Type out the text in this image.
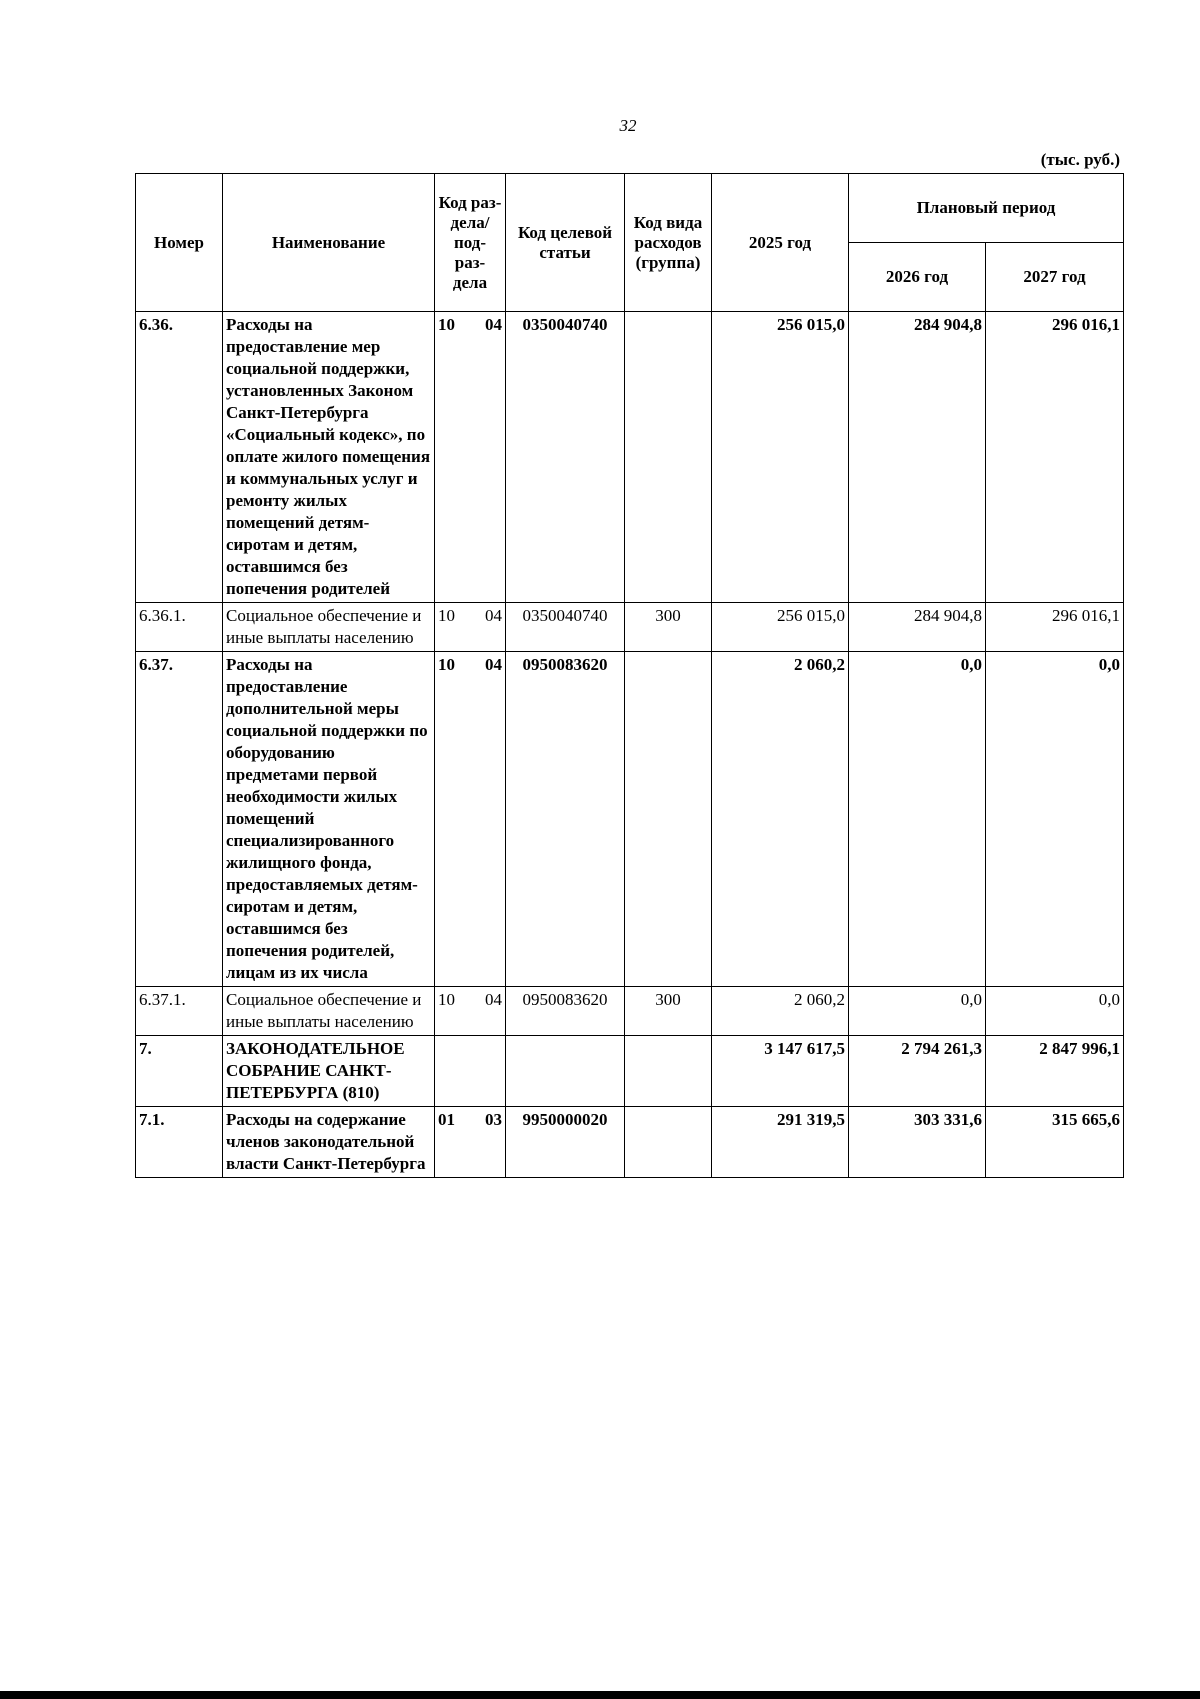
32
(тыс. руб.)
Номер	Наименование	Код раз- дела/ под- раз- дела	Код целевой статьи	Код вида расходов (группа)	2025 год	Плановый период	
						2026 год	2027 год
6.36.	Расходы на предоставление мер социальной поддержки, установленных Законом Санкт-Петербурга «Социальный кодекс», по оплате жилого помещения и коммунальных услуг и ремонту жилых помещений детям-сиротам и детям, оставшимся без попечения родителей	10 04	0350040740		256 015,0	284 904,8	296 016,1
6.36.1.	Социальное обеспечение и иные выплаты населению	10 04	0350040740	300	256 015,0	284 904,8	296 016,1
6.37.	Расходы на предоставление дополнительной меры социальной поддержки по оборудованию предметами первой необходимости жилых помещений специализированного жилищного фонда, предоставляемых детям-сиротам и детям, оставшимся без попечения родителей, лицам из их числа	10 04	0950083620		2 060,2	0,0	0,0
6.37.1.	Социальное обеспечение и иные выплаты населению	10 04	0950083620	300	2 060,2	0,0	0,0
7.	ЗАКОНОДАТЕЛЬНОЕ СОБРАНИЕ САНКТ-ПЕТЕРБУРГА (810)				3 147 617,5	2 794 261,3	2 847 996,1
7.1.	Расходы на содержание членов законодательной власти Санкт-Петербурга	01 03	9950000020		291 319,5	303 331,6	315 665,6
